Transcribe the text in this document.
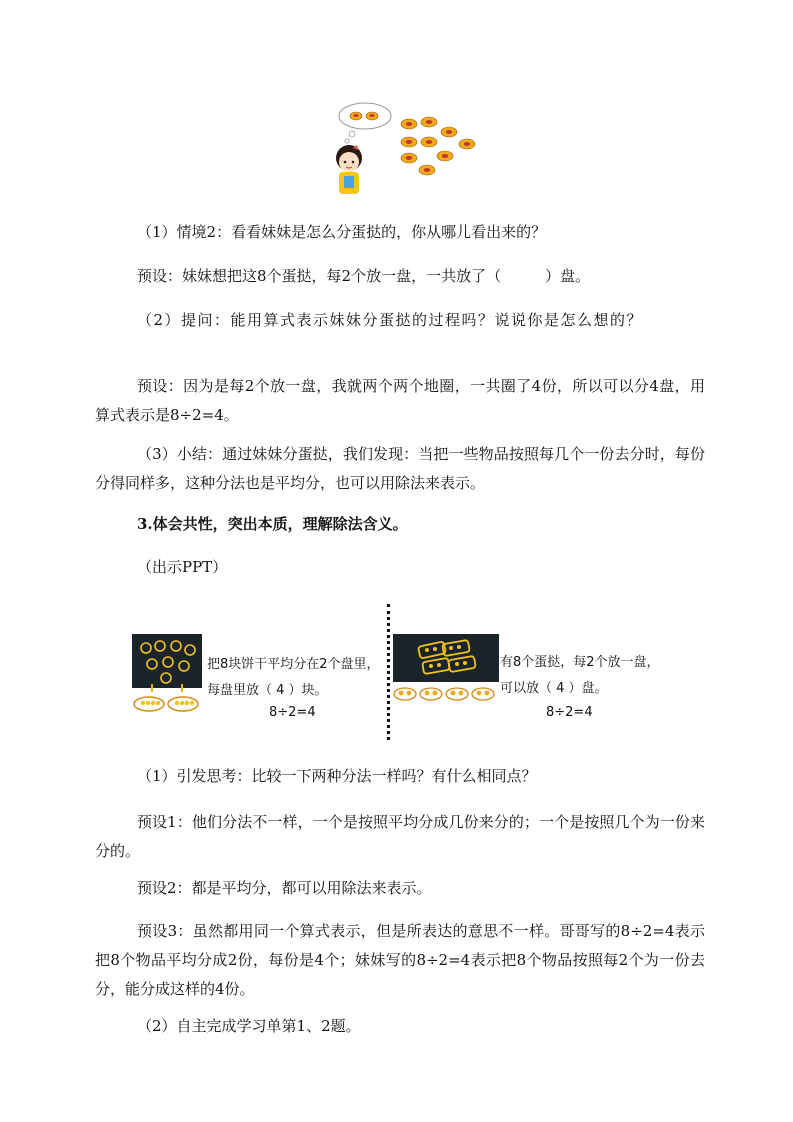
（1）情境2：看看妹妹是怎么分蛋挞的，你从哪儿看出来的？

预设：妹妹想把这8个蛋挞，每2个放一盘，一共放了（	）盘。

（2）提问：能用算式表示妹妹分蛋挞的过程吗？说说你是怎么想的？

预设：因为是每2个放一盘，我就两个两个地圈，一共圈了4份，所以可以分4盘，用算式表示是8÷2=4。

（3）小结：通过妹妹分蛋挞，我们发现：当把一些物品按照每几个一份去分时，每份分得同样多，这种分法也是平均分，也可以用除法来表示。

3.体会共性，突出本质，理解除法含义。

（出示PPT）

把8块饼干平均分在2个盘里，
每盘里放（ 4 ）块。
8÷2=4
有8个蛋挞，每2个放一盘，
可以放（ 4 ）盘。
8÷2=4

（1）引发思考：比较一下两种分法一样吗？有什么相同点？

预设1：他们分法不一样，一个是按照平均分成几份来分的；一个是按照几个为一份来分的。

预设2：都是平均分，都可以用除法来表示。

预设3：虽然都用同一个算式表示，但是所表达的意思不一样。哥哥写的8÷2=4表示把8个物品平均分成2份，每份是4个；妹妹写的8÷2=4表示把8个物品按照每2个为一份去分，能分成这样的4份。

（2）自主完成学习单第1、2题。
